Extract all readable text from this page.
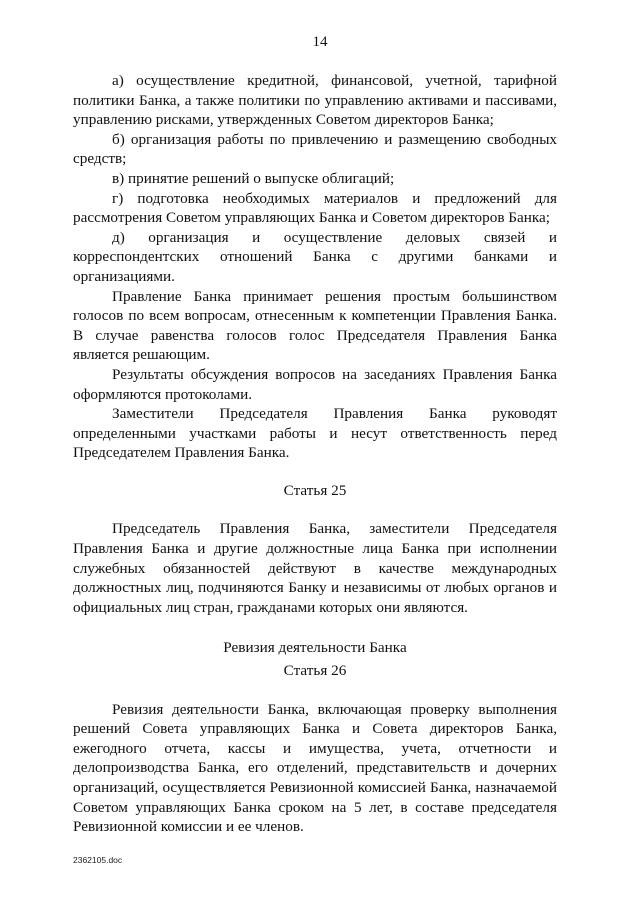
14

а) осуществление кредитной, финансовой, учетной, тарифной политики Банка, а также политики по управлению активами и пассивами, управлению рисками, утвержденных Советом директоров Банка;

б) организация работы по привлечению и размещению свободных средств;

в) принятие решений о выпуске облигаций;

г) подготовка необходимых материалов и предложений для рассмотрения Советом управляющих Банка и Советом директоров Банка;

д) организация и осуществление деловых связей и корреспондентских отношений Банка с другими банками и организациями.

Правление Банка принимает решения простым большинством голосов по всем вопросам, отнесенным к компетенции Правления Банка. В случае равенства голосов голос Председателя Правления Банка является решающим.

Результаты обсуждения вопросов на заседаниях Правления Банка оформляются протоколами.

Заместители Председателя Правления Банка руководят определенными участками работы и несут ответственность перед Председателем Правления Банка.

Статья 25

Председатель Правления Банка, заместители Председателя Правления Банка и другие должностные лица Банка при исполнении служебных обязанностей действуют в качестве международных должностных лиц, подчиняются Банку и независимы от любых органов и официальных лиц стран, гражданами которых они являются.

Ревизия деятельности Банка

Статья 26

Ревизия деятельности Банка, включающая проверку выполнения решений Совета управляющих Банка и Совета директоров Банка, ежегодного отчета, кассы и имущества, учета, отчетности и делопроизводства Банка, его отделений, представительств и дочерних организаций, осуществляется Ревизионной комиссией Банка, назначаемой Советом управляющих Банка сроком на 5 лет, в составе председателя Ревизионной комиссии и ее членов.

2362105.doc
